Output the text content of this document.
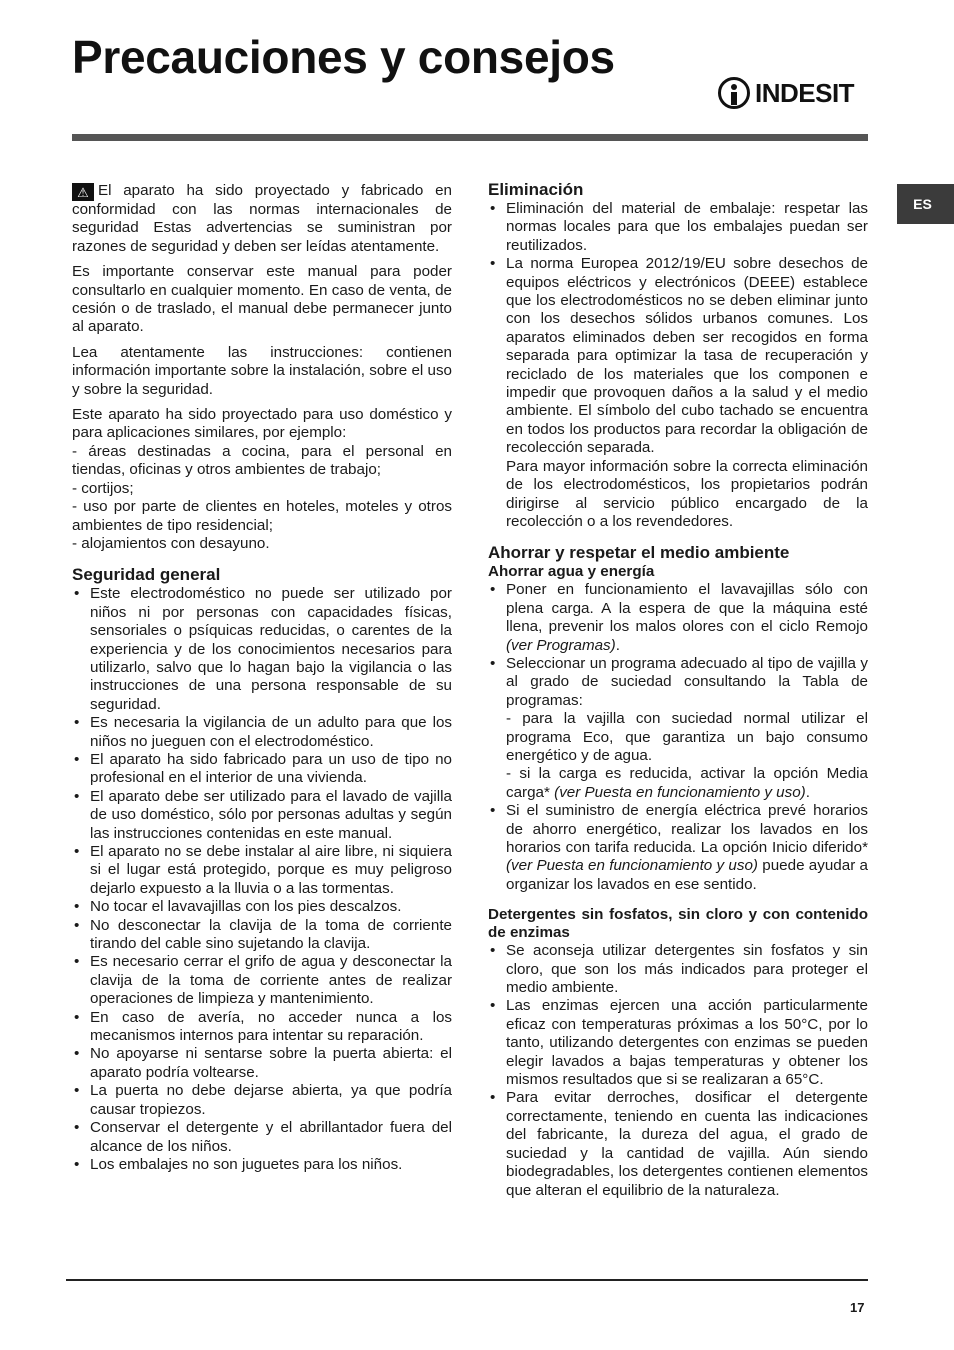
Precauciones y consejos
INDESIT
ES

⚠ El aparato ha sido proyectado y fabricado en conformidad con las normas internacionales de seguridad Estas advertencias se suministran por razones de seguridad y deben ser leídas atentamente.

Es importante conservar este manual para poder consultarlo en cualquier momento. En caso de venta, de cesión o de traslado, el manual debe permanecer junto al aparato.

Lea atentamente las instrucciones: contienen información importante sobre la instalación, sobre el uso y sobre la seguridad.

Este aparato ha sido proyectado para uso doméstico y para aplicaciones similares, por ejemplo:

- áreas destinadas a cocina, para el personal en tiendas, oficinas y otros ambientes de trabajo;
- cortijos;
- uso por parte de clientes en hoteles, moteles y otros ambientes de tipo residencial;
- alojamientos con desayuno.
Seguridad general
• Este electrodoméstico no puede ser utilizado por niños ni por personas con capacidades físicas, sensoriales o psíquicas reducidas, o carentes de la experiencia y de los conocimientos necesarios para utilizarlo, salvo que lo hagan bajo la vigilancia o las instrucciones de una persona responsable de su seguridad.
• Es necesaria la vigilancia de un adulto para que los niños no jueguen con el electrodoméstico.
• El aparato ha sido fabricado para un uso de tipo no profesional en el interior de una vivienda.
• El aparato debe ser utilizado para el lavado de vajilla de uso doméstico, sólo por personas adultas y según las instrucciones contenidas en este manual.
• El aparato no se debe instalar al aire libre, ni siquiera si el lugar está protegido, porque es muy peligroso dejarlo expuesto a la lluvia o a las tormentas.
• No tocar el lavavajillas con los pies descalzos.
• No desconectar la clavija de la toma de corriente tirando del cable sino sujetando la clavija.
• Es necesario cerrar el grifo de agua y desconectar la clavija de la toma de corriente antes de realizar operaciones de limpieza y mantenimiento.
• En caso de avería, no acceder nunca a los mecanismos internos para intentar su reparación.
• No apoyarse ni sentarse sobre la puerta abierta: el aparato podría voltearse.
• La puerta no debe dejarse abierta, ya que podría causar tropiezos.
• Conservar el detergente y el abrillantador fuera del alcance de los niños.
• Los embalajes no son juguetes para los niños.
Eliminación
• Eliminación del material de embalaje: respetar las normas locales para que los embalajes puedan ser reutilizados.
• La norma Europea 2012/19/EU sobre desechos de equipos eléctricos y electrónicos (DEEE) establece que los electrodomésticos no se deben eliminar junto con los desechos sólidos urbanos comunes. Los aparatos eliminados deben ser recogidos en forma separada para optimizar la tasa de recuperación y reciclado de los materiales que los componen e impedir que provoquen daños a la salud y el medio ambiente. El símbolo del cubo tachado se encuentra en todos los productos para recordar la obligación de recolección separada.
Para mayor información sobre la correcta eliminación de los electrodomésticos, los propietarios podrán dirigirse al servicio público encargado de la recolección o a los revendedores.
Ahorrar y respetar el medio ambiente
Ahorrar agua y energía
• Poner en funcionamiento el lavavajillas sólo con plena carga. A la espera de que la máquina esté llena, prevenir los malos olores con el ciclo Remojo (ver Programas).
• Seleccionar un programa adecuado al tipo de vajilla y al grado de suciedad consultando la Tabla de programas:
- para la vajilla con suciedad normal utilizar el programa Eco, que garantiza un bajo consumo energético y de agua.
- si la carga es reducida, activar la opción Media carga* (ver Puesta en funcionamiento y uso).
• Si el suministro de energía eléctrica prevé horarios de ahorro energético, realizar los lavados en los horarios con tarifa reducida. La opción Inicio diferido* (ver Puesta en funcionamiento y uso) puede ayudar a organizar los lavados en ese sentido.
Detergentes sin fosfatos, sin cloro y con contenido de enzimas
• Se aconseja utilizar detergentes sin fosfatos y sin cloro, que son los más indicados para proteger el medio ambiente.
• Las enzimas ejercen una acción particularmente eficaz con temperaturas próximas a los 50°C, por lo tanto, utilizando detergentes con enzimas se pueden elegir lavados a bajas temperaturas y obtener los mismos resultados que si se realizaran a 65°C.
• Para evitar derroches, dosificar el detergente correctamente, teniendo en cuenta las indicaciones del fabricante, la dureza del agua, el grado de suciedad y la cantidad de vajilla. Aún siendo biodegradables, los detergentes contienen elementos que alteran el equilibrio de la naturaleza.
17
